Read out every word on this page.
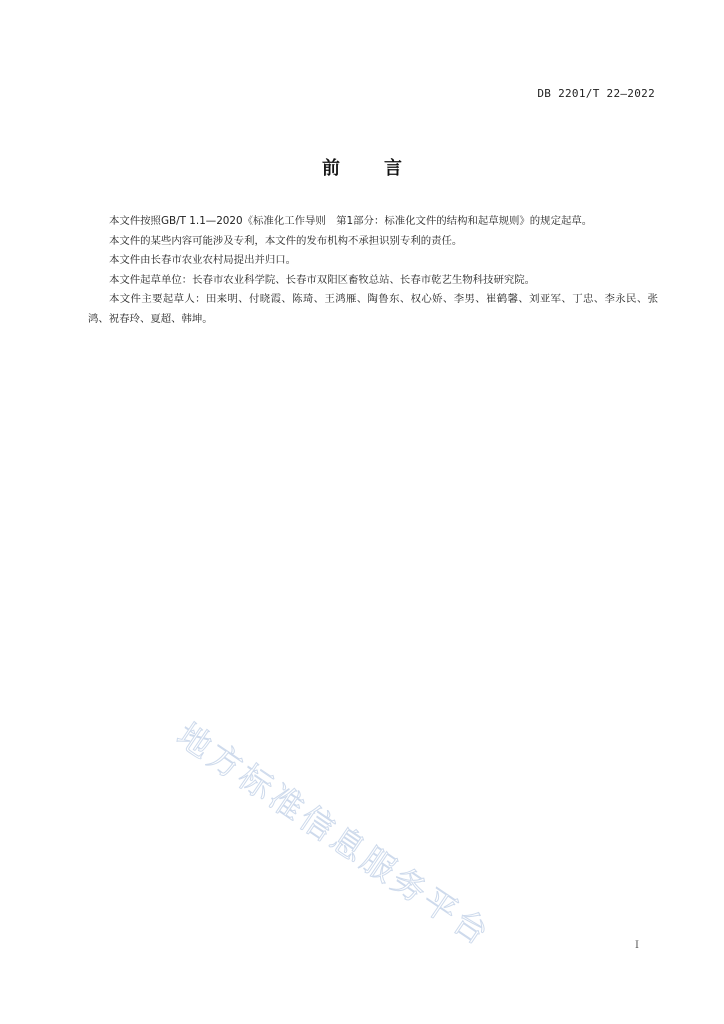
DB 2201/T 22—2022
前言

本文件按照GB/T 1.1—2020《标准化工作导则　第1部分：标准化文件的结构和起草规则》的规定起草。

本文件的某些内容可能涉及专利，本文件的发布机构不承担识别专利的责任。

本文件由长春市农业农村局提出并归口。

本文件起草单位：长春市农业科学院、长春市双阳区畜牧总站、长春市乾艺生物科技研究院。

本文件主要起草人：田来明、付晓霞、陈琦、王鸿雁、陶鲁东、权心娇、李男、崔鹤馨、刘亚军、丁忠、李永民、张鸿、祝春玲、夏超、韩坤。

地方标准信息服务平台	I
